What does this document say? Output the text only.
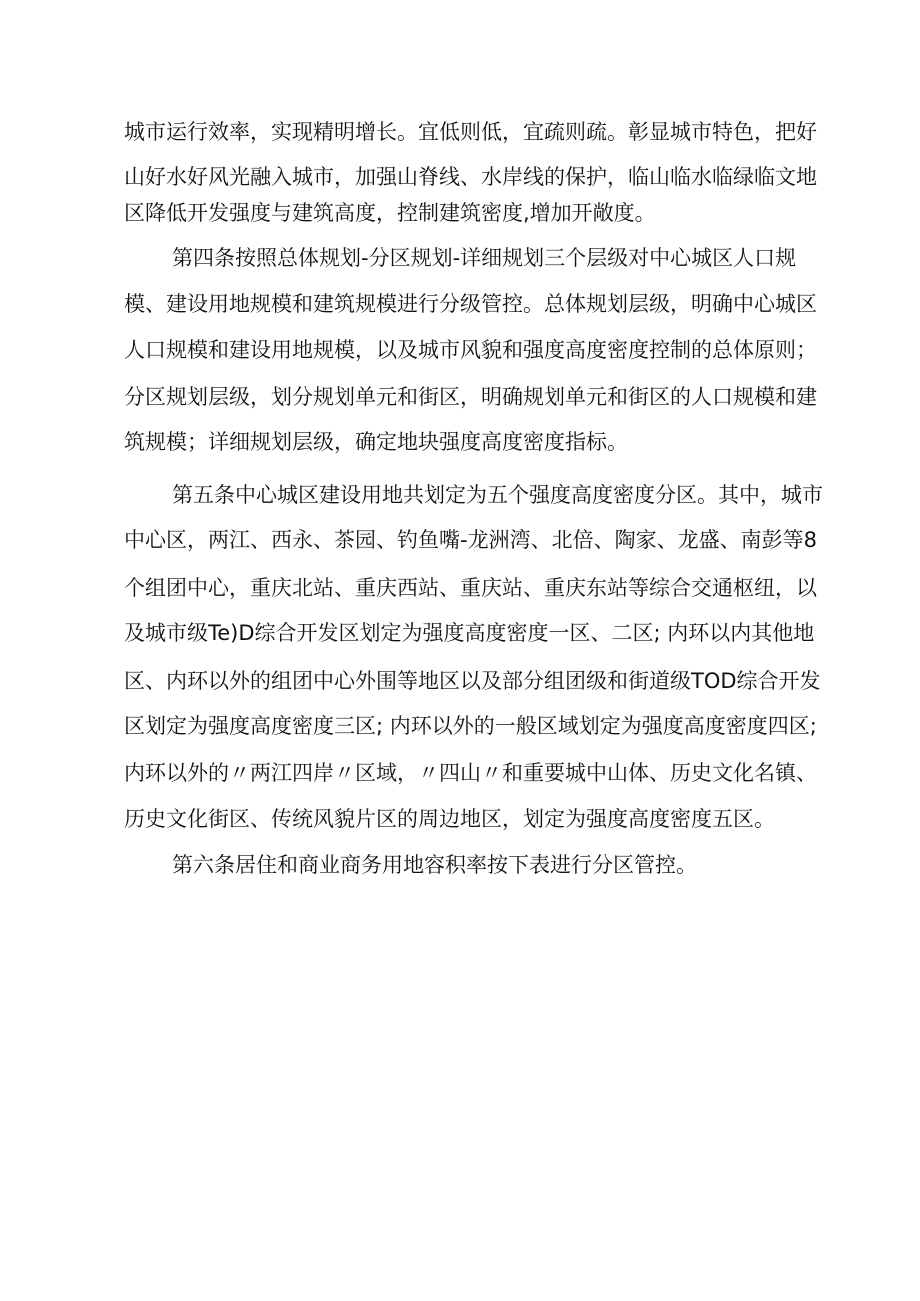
城市运行效率，实现精明增长。宜低则低，宜疏则疏。彰显城市特色，把好
山好水好风光融入城市，加强山脊线、水岸线的保护，临山临水临绿临文地
区降低开发强度与建筑高度，控制建筑密度,增加开敞度。
第四条按照总体规划-分区规划-详细规划三个层级对中心城区人口规
模、建设用地规模和建筑规模进行分级管控。总体规划层级，明确中心城区
人口规模和建设用地规模，以及城市风貌和强度高度密度控制的总体原则；
分区规划层级，划分规划单元和街区，明确规划单元和街区的人口规模和建
筑规模；详细规划层级，确定地块强度高度密度指标。
第五条中心城区建设用地共划定为五个强度高度密度分区。其中，城市
中心区，两江、西永、茶园、钓鱼嘴-龙洲湾、北倍、陶家、龙盛、南彭等8
个组团中心，重庆北站、重庆西站、重庆站、重庆东站等综合交通枢纽，以
及城市级Te)D综合开发区划定为强度高度密度一区、二区; 内环以内其他地
区、内环以外的组团中心外围等地区以及部分组团级和街道级TOD综合开发
区划定为强度高度密度三区; 内环以外的一般区域划定为强度高度密度四区;
内环以外的〃两江四岸〃区域，〃四山〃和重要城中山体、历史文化名镇、
历史文化街区、传统风貌片区的周边地区，划定为强度高度密度五区。
第六条居住和商业商务用地容积率按下表进行分区管控。
